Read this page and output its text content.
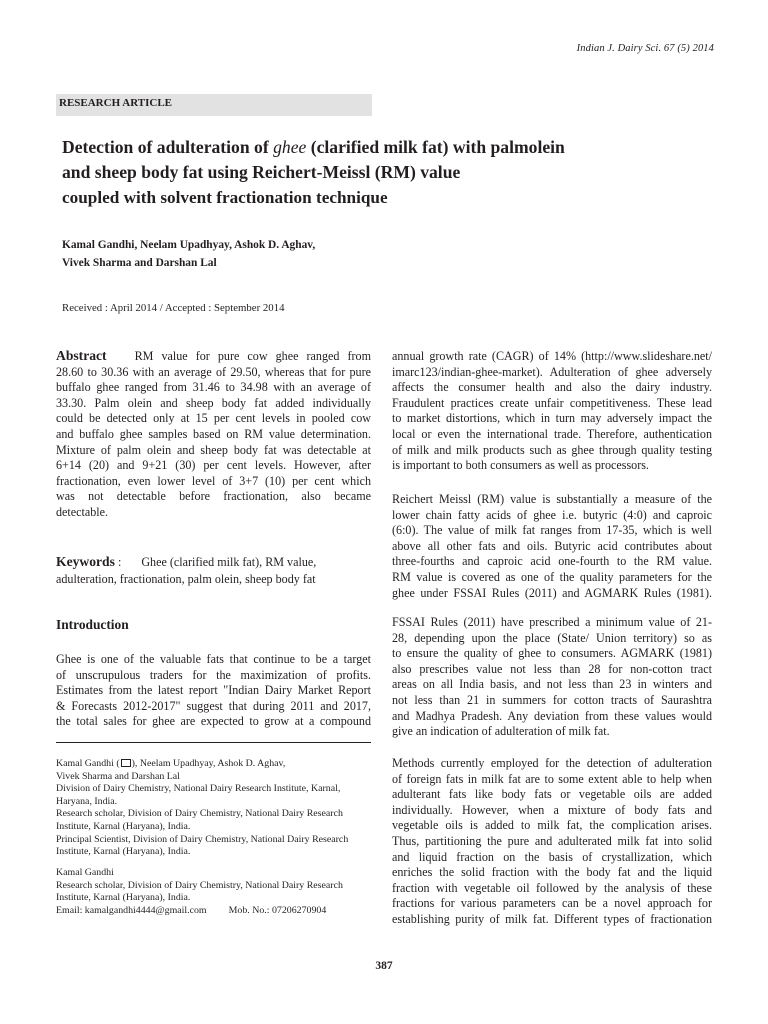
Indian J. Dairy Sci. 67 (5) 2014
RESEARCH ARTICLE
Detection of adulteration of ghee (clarified milk fat) with palmolein
and sheep body fat using Reichert-Meissl (RM) value
coupled with solvent fractionation technique
Kamal Gandhi, Neelam Upadhyay, Ashok D. Aghav,
Vivek Sharma and Darshan Lal
Received : April 2014 / Accepted : September 2014
Abstract RM value for pure cow ghee ranged from
28.60 to 30.36 with an average of 29.50, whereas that for pure
buffalo ghee ranged from 31.46 to 34.98 with an average of
33.30. Palm olein and sheep body fat added individually
could be detected only at 15 per cent levels in pooled cow
and buffalo ghee samples based on RM value determination.
Mixture of palm olein and sheep body fat was detectable at
6+14 (20) and 9+21 (30) per cent levels. However, after
fractionation, even lower level of 3+7 (10) per cent which
was not detectable before fractionation, also became
detectable.
Keywords : Ghee (clarified milk fat), RM value,
adulteration, fractionation, palm olein, sheep body fat
Introduction
Ghee is one of the valuable fats that continue to be a target
of unscrupulous traders for the maximization of profits.
Estimates from the latest report "Indian Dairy Market Report
& Forecasts 2012-2017" suggest that during 2011 and 2017,
the total sales for ghee are expected to grow at a compound
Kamal Gandhi ( ), Neelam Upadhyay, Ashok D. Aghav,
Vivek Sharma and Darshan Lal
Division of Dairy Chemistry, National Dairy Research Institute, Karnal,
Haryana, India.
Research scholar, Division of Dairy Chemistry, National Dairy Research
Institute, Karnal (Haryana), India.
Principal Scientist, Division of Dairy Chemistry, National Dairy Research
Institute, Karnal (Haryana), India.
Kamal Gandhi
Research scholar, Division of Dairy Chemistry, National Dairy Research
Institute, Karnal (Haryana), India.
Email: kamalgandhi4444@gmail.com Mob. No.: 07206270904
annual growth rate (CAGR) of 14% (http://www.slideshare.net/
imarc123/indian-ghee-market). Adulteration of ghee adversely
affects the consumer health and also the dairy industry.
Fraudulent practices create unfair competitiveness. These lead
to market distortions, which in turn may adversely impact the
local or even the international trade. Therefore, authentication
of milk and milk products such as ghee through quality testing
is important to both consumers as well as processors.
Reichert Meissl (RM) value is substantially a measure of the
lower chain fatty acids of ghee i.e. butyric (4:0) and caproic
(6:0). The value of milk fat ranges from 17-35, which is well
above all other fats and oils. Butyric acid contributes about
three-fourths and caproic acid one-fourth to the RM value.
RM value is covered as one of the quality parameters for the
ghee under FSSAI Rules (2011) and AGMARK Rules (1981).
FSSAI Rules (2011) have prescribed a minimum value of 21-
28, depending upon the place (State/ Union territory) so as
to ensure the quality of ghee to consumers. AGMARK (1981)
also prescribes value not less than 28 for non-cotton tract
areas on all India basis, and not less than 23 in winters and
not less than 21 in summers for cotton tracts of Saurashtra
and Madhya Pradesh. Any deviation from these values would
give an indication of adulteration of milk fat.
Methods currently employed for the detection of adulteration
of foreign fats in milk fat are to some extent able to help when
adulterant fats like body fats or vegetable oils are added
individually. However, when a mixture of body fats and
vegetable oils is added to milk fat, the complication arises.
Thus, partitioning the pure and adulterated milk fat into solid
and liquid fraction on the basis of crystallization, which
enriches the solid fraction with the body fat and the liquid
fraction with vegetable oil followed by the analysis of these
fractions for various parameters can be a novel approach for
establishing purity of milk fat. Different types of fractionation
387
